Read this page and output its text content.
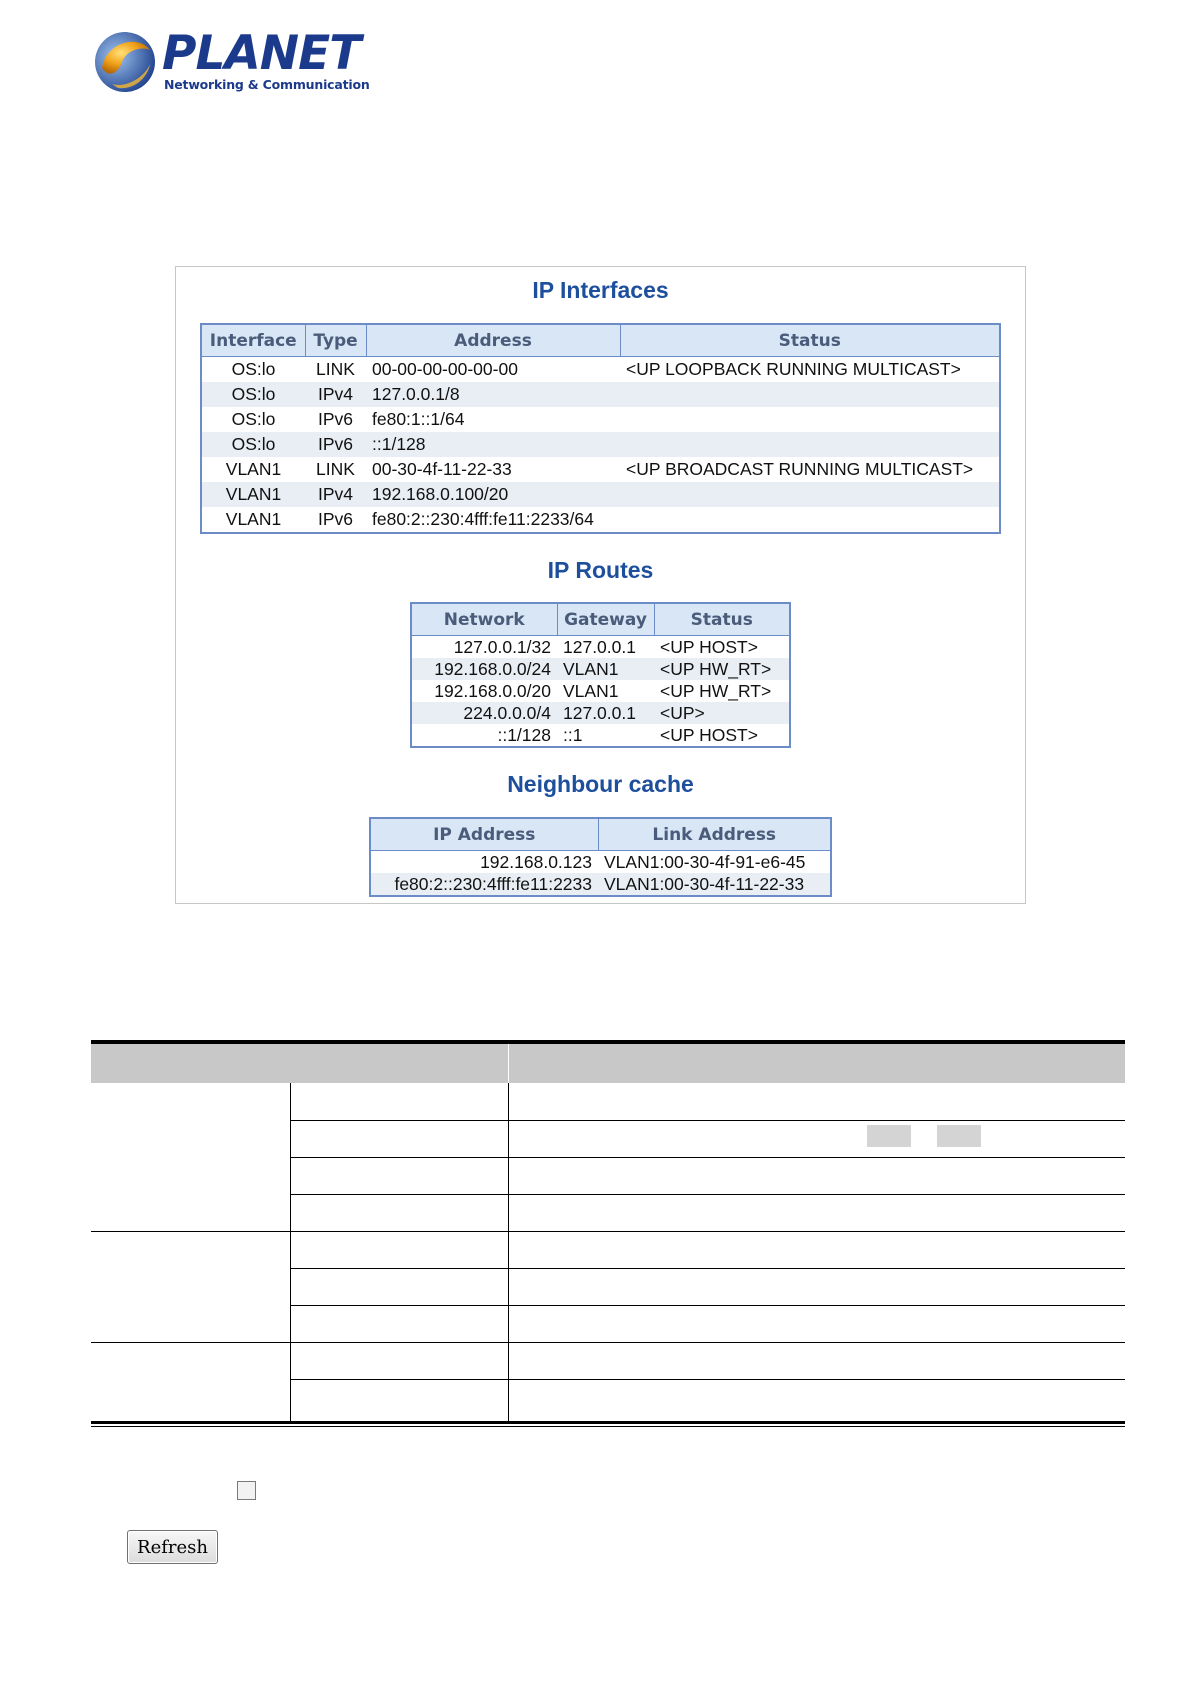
PLANET
Networking & Communication
IP Interfaces
Interface	Type	Address	Status
OS:lo	LINK	00-00-00-00-00-00	<UP LOOPBACK RUNNING MULTICAST>
OS:lo	IPv4	127.0.0.1/8	
OS:lo	IPv6	fe80:1::1/64	
OS:lo	IPv6	::1/128	
VLAN1	LINK	00-30-4f-11-22-33	<UP BROADCAST RUNNING MULTICAST>
VLAN1	IPv4	192.168.0.100/20	
VLAN1	IPv6	fe80:2::230:4fff:fe11:2233/64	
IP Routes
Network	Gateway	Status
127.0.0.1/32	127.0.0.1	<UP HOST>
192.168.0.0/24	VLAN1	<UP HW_RT>
192.168.0.0/20	VLAN1	<UP HW_RT>
224.0.0.0/4	127.0.0.1	<UP>
::1/128	::1	<UP HOST>
Neighbour cache
IP Address	Link Address
192.168.0.123	VLAN1:00-30-4f-91-e6-45
fe80:2::230:4fff:fe11:2233	VLAN1:00-30-4f-11-22-33
Refresh
